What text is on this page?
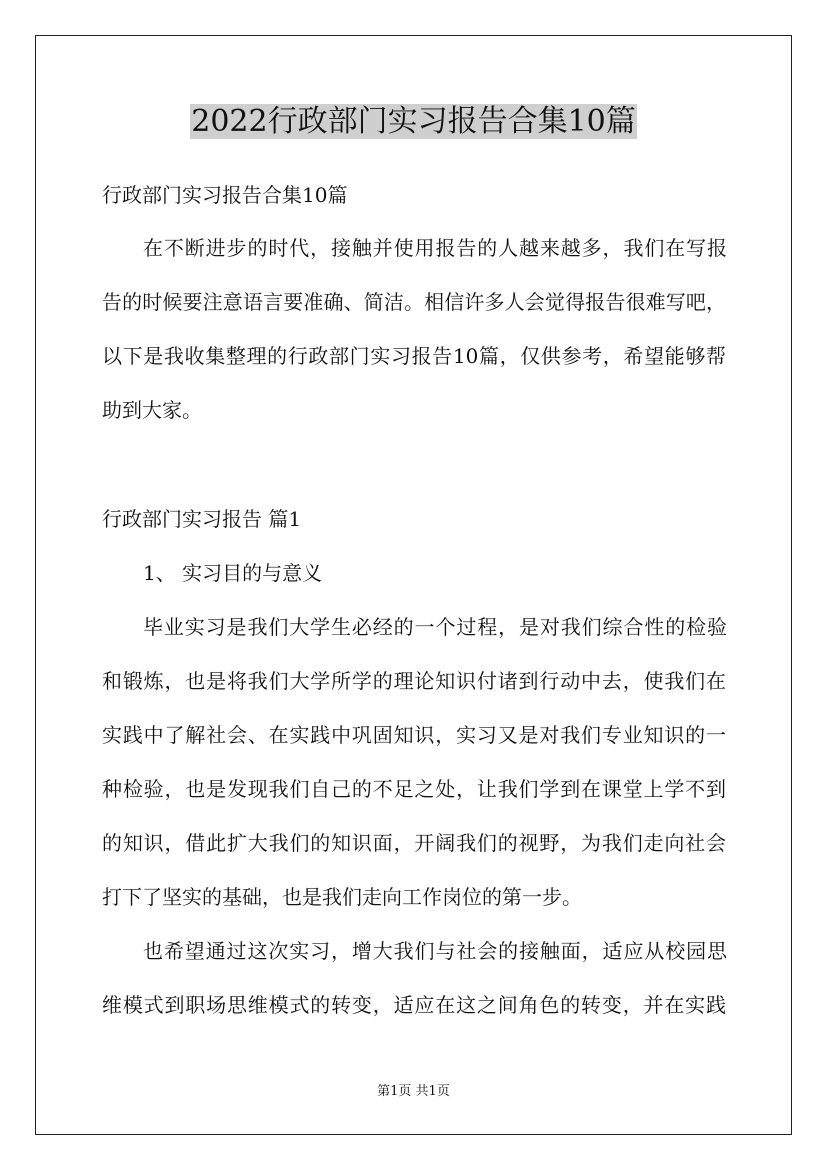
2022行政部门实习报告合集10篇
行政部门实习报告合集10篇
在不断进步的时代，接触并使用报告的人越来越多，我们在写报
告的时候要注意语言要准确、简洁。相信许多人会觉得报告很难写吧，
以下是我收集整理的行政部门实习报告10篇，仅供参考，希望能够帮
助到大家。
行政部门实习报告 篇1
1、 实习目的与意义
毕业实习是我们大学生必经的一个过程，是对我们综合性的检验
和锻炼，也是将我们大学所学的理论知识付诸到行动中去，使我们在
实践中了解社会、在实践中巩固知识，实习又是对我们专业知识的一
种检验，也是发现我们自己的不足之处，让我们学到在课堂上学不到
的知识，借此扩大我们的知识面，开阔我们的视野，为我们走向社会
打下了坚实的基础，也是我们走向工作岗位的第一步。
也希望通过这次实习，增大我们与社会的接触面，适应从校园思
维模式到职场思维模式的转变，适应在这之间角色的转变，并在实践
第1页 共1页
